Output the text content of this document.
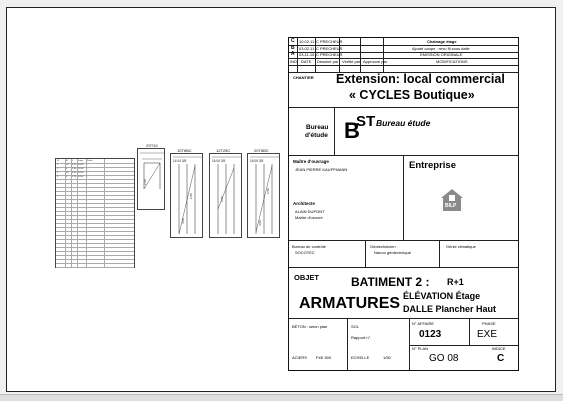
N°	Ø L Long Poids
1	10 3,20 64,00 ...
2	6 1,80 18,00 ...
3	25 4,50 54,00 ...
4	6 1,20 24,00 ...
2ST10
2,30
10T6BC
14 04 3/5
4,00
2,50
12T25C
16 06 3/5
2,50
20T6BC
18 08 3/5
4,00
2,50
C 10.02.11 C PRECHEUR	Chainage étage
B 03.02.11 C PRECHEUR	Ajouté coupe : revu fil sous dalle
A 03.11.10 C PRECHEUR	EMISSION ORIGINALE
IND DATE Dessiné par Vérifié par Approuvé par	MODIFICATIONS
CHANTIER Extension: local commercial
« CYCLES Boutique»
Bureau
d'étude B
S T Bureau étude
Maître d'ouvrage
JEAN PIERRE KAUFFMANN
Architecte
ALAIN DUPONT
Maître d'oeuvre
Entreprise
BILP
Bureau de contrôle
SOCOTEC
Géotechnicien
Nanou géotechnique
Génie climatique
OBJET	BATIMENT 2 : R+1
ARMATURES ÉLÉVATION Étage
DALLE Plancher Haut
BÉTON : selon plan	SOL
Rapport n°.
N° AFFAIRE
0123
PHASE
EXE
ACIERS FeE 500	ECHELLE	1/50
N° PLAN
GO 08
INDICE
C
